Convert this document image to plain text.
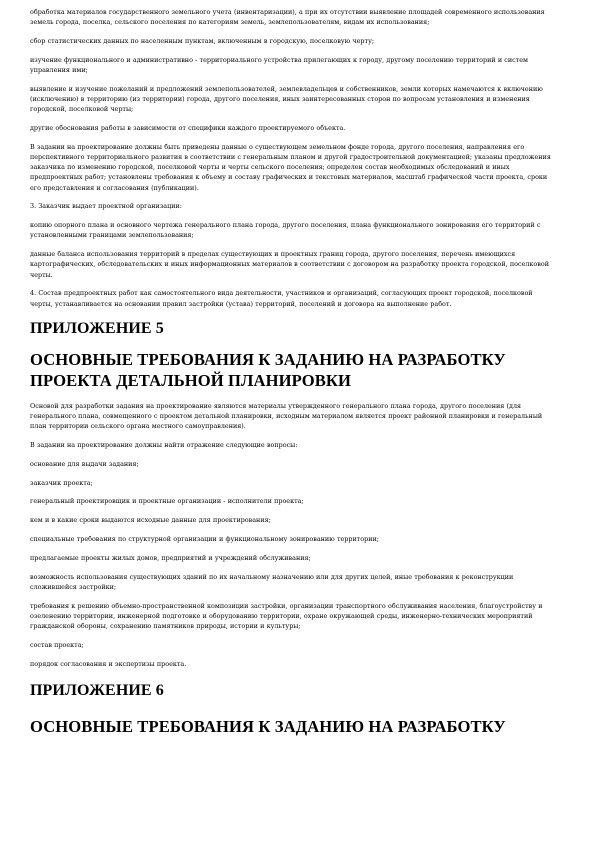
обработка материалов государственного земельного учета (инвентаризации), а при их отсутствии выявление площадей современного использования земель города, поселка, сельского поселения по категориям земель, землепользователям, видам их использования;

сбор статистических данных по населенным пунктам, включенным в городскую, поселковую черту;

изучение функционального и административно - территориального устройства прилегающих к городу, другому поселению территорий и систем управления ими;

выявление и изучение пожеланий и предложений землепользователей, землевладельцев и собственников, земли которых намечаются к включению (исключению) в территорию (из территории) города, другого поселения, иных заинтересованных сторон по вопросам установления и изменения городской, поселковой черты;

другие обоснования работы в зависимости от специфики каждого проектируемого объекта.

В задании на проектирование должны быть приведены данные о существующем земельном фонде города, другого поселения, направления его перспективного территориального развития в соответствии с генеральным планом и другой градостроительной документацией; указаны предложения заказчика по изменению городской, поселковой черты и черты сельского поселения; определен состав необходимых обследований и иных предпроектных работ; установлены требования к объему и составу графических и текстовых материалов, масштаб графической части проекта, сроки его представления и согласования (публикации).

3. Заказчик выдает проектной организации:

копию опорного плана и основного чертежа генерального плана города, другого поселения, плана функционального зонирования его территорий с установленными границами землепользования;

данные баланса использования территорий в пределах существующих и проектных границ города, другого поселения, перечень имеющихся картографических, обследовательских и иных информационных материалов в соответствии с договором на разработку проекта городской, поселковой черты.

4. Состав предпроектных работ как самостоятельного вида деятельности, участников и организаций, согласующих проект городской, поселковой черты, устанавливается на основании правил застройки (устава) территорий, поселений и договора на выполнение работ.

ПРИЛОЖЕНИЕ 5
ОСНОВНЫЕ ТРЕБОВАНИЯ К ЗАДАНИЮ НА РАЗРАБОТКУ ПРОЕКТА ДЕТАЛЬНОЙ ПЛАНИРОВКИ

Основой для разработки задания на проектирование являются материалы утвержденного генерального плана города, другого поселения (для генерального плана, совмещенного с проектом детальной планировки, исходным материалом является проект районной планировки и генеральный план территории сельского органа местного самоуправления).

В задании на проектирование должны найти отражение следующие вопросы:

основание для выдачи задания;

заказчик проекта;

генеральный проектировщик и проектные организации - исполнители проекта;

кем и в какие сроки выдаются исходные данные для проектирования;

специальные требования по структурной организации и функциональному зонированию территории;

предлагаемые проекты жилых домов, предприятий и учреждений обслуживания;

возможность использования существующих зданий по их начальному назначению или для других целей, иные требования к реконструкции сложившейся застройки;

требования к решению объемно-пространственной композиции застройки, организации транспортного обслуживания населения, благоустройству и озеленению территории, инженерной подготовке и оборудованию территории, охране окружающей среды, инженерно-технических мероприятий гражданской обороны, сохранению памятников природы, истории и культуры;

состав проекта;

порядок согласования и экспертизы проекта.

ПРИЛОЖЕНИЕ 6
ОСНОВНЫЕ ТРЕБОВАНИЯ К ЗАДАНИЮ НА РАЗРАБОТКУ
